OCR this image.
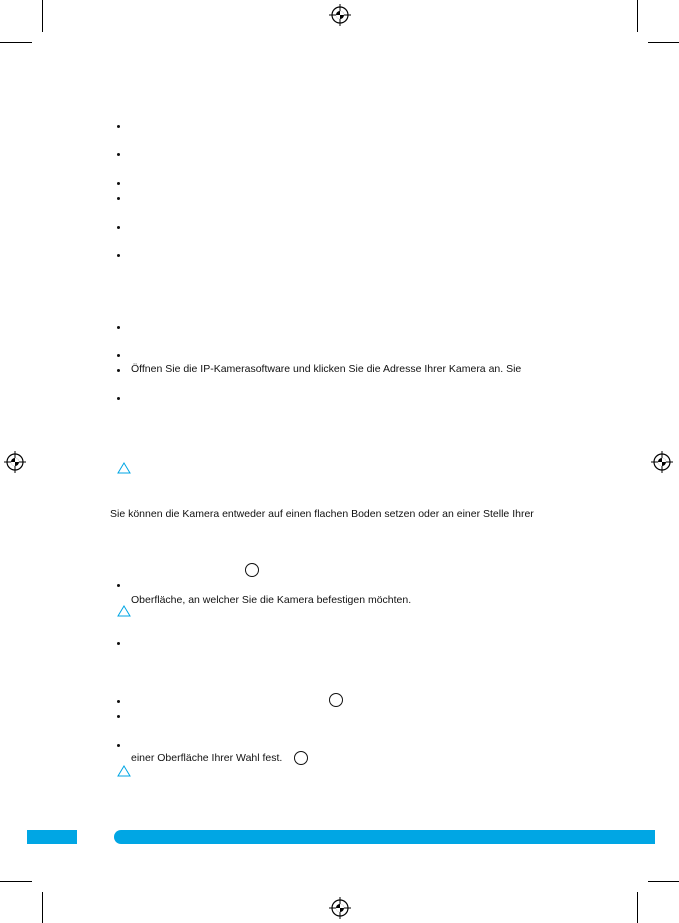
Öffnen Sie die IP-Kamerasoftware und klicken Sie die Adresse Ihrer Kamera an. Sie
Sie können die Kamera entweder auf einen flachen Boden setzen oder an einer Stelle Ihrer
Oberfläche, an welcher Sie die Kamera befestigen möchten.
einer Oberfläche Ihrer Wahl fest.
